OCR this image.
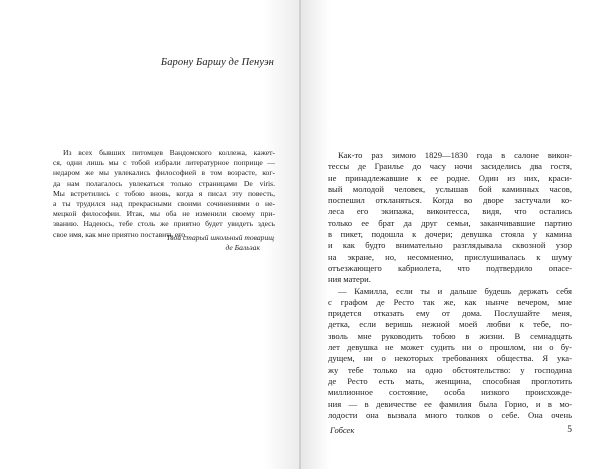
Барону Баршу де Пенуэн
Из всех бывших питомцев Вандомского коллежа, кажет-
ся, одни лишь мы с тобой избрали литературное поприще —
недаром же мы увлекались философией в том возрасте, ког-
да нам полагалось увлекаться только страницами De viris.
Мы встретились с тобою вновь, когда я писал эту повесть,
а ты трудился над прекрасными своими сочинениями о не-
мецкой философии. Итак, мы оба не изменили своему при-
званию. Надеюсь, тебе столь же приятно будет увидеть здесь
свое имя, как мне приятно поставить его.
Твой старый школьный товарищ
де Бальзак
Как-то раз зимою 1829—1830 года в салоне викон-
тессы де Гранлье до часу ночи засиделись два гостя,
не принадлежавшие к ее родне. Один из них, краси-
вый молодой человек, услышав бой каминных часов,
поспешил откланяться. Когда во дворе застучали ко-
леса его экипажа, виконтесса, видя, что остались
только ее брат да друг семьи, заканчивавшие партию
в пикет, подошла к дочери; девушка стояла у камина
и как будто внимательно разглядывала сквозной узор
на экране, но, несомненно, прислушивалась к шуму
отъезжающего кабриолета, что подтвердило опасе-
ния матери.
— Камилла, если ты и дальше будешь держать себя
с графом де Ресто так же, как нынче вечером, мне
придется отказать ему от дома. Послушайте меня,
детка, если веришь нежной моей любви к тебе, по-
зволь мне руководить тобою в жизни. В семнадцать
лет девушка не может судить ни о прошлом, ни о бу-
дущем, ни о некоторых требованиях общества. Я ука-
жу тебе только на одно обстоятельство: у господина
де Ресто есть мать, женщина, способная проглотить
миллионное состояние, особа низкого происхожде-
ния — в девичестве ее фамилия была Горио, и в мо-
лодости она вызвала много толков о себе. Она очень
Гобсек	5
